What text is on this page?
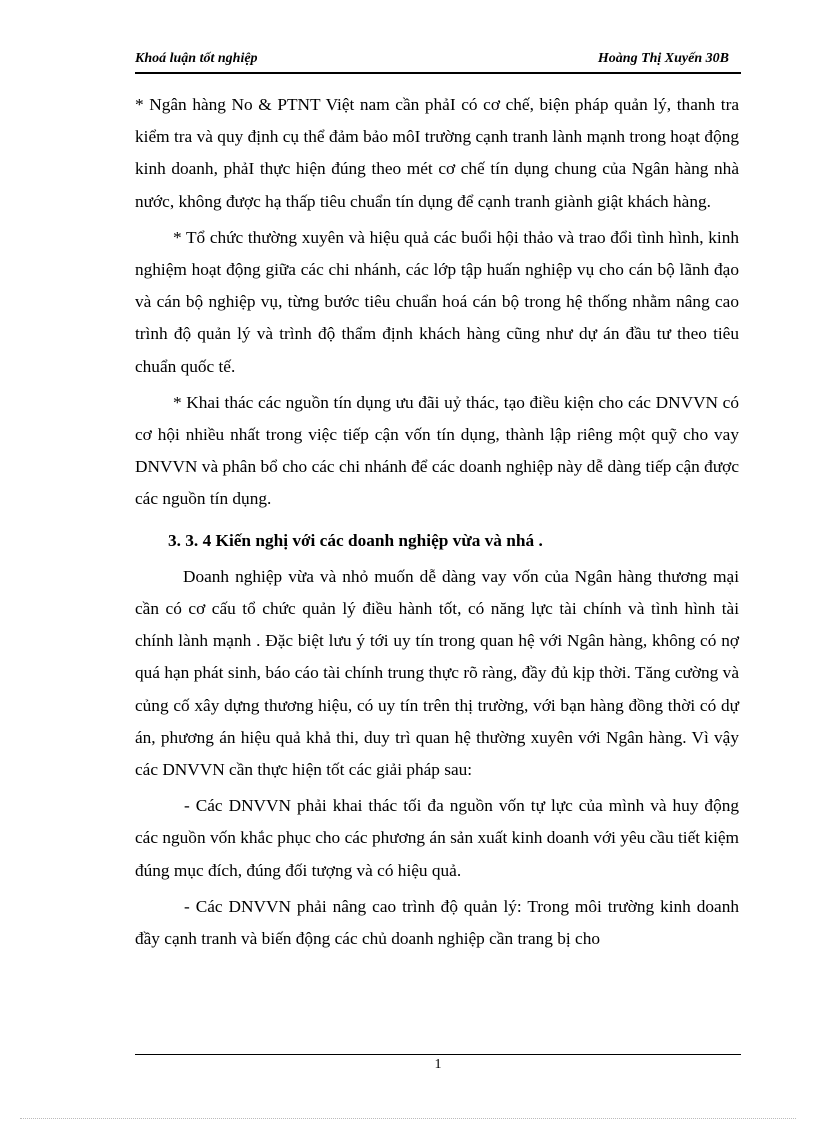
Khoá luận tốt nghiệp	Hoàng Thị Xuyến 30B

* Ngân hàng No & PTNT Việt nam cần phảI có cơ chế, biện pháp quản lý, thanh tra kiểm tra và quy định cụ thể đảm bảo môI trường cạnh tranh lành mạnh trong hoạt động kinh doanh, phảI thực hiện đúng theo mét cơ chế tín dụng chung của Ngân hàng nhà nước, không được hạ thấp tiêu chuẩn tín dụng để cạnh tranh giành giật khách hàng.

* Tổ chức thường xuyên và hiệu quả các buổi hội thảo và trao đổi tình hình, kinh nghiệm hoạt động giữa các chi nhánh, các lớp tập huấn nghiệp vụ cho cán bộ lãnh đạo và cán bộ nghiệp vụ, từng bước tiêu chuẩn hoá cán bộ trong hệ thống nhằm nâng cao trình độ quản lý và trình độ thẩm định khách hàng cũng như dự án đầu tư theo tiêu chuẩn quốc tế.

* Khai thác các nguồn tín dụng ưu đãi uỷ thác, tạo điều kiện cho các DNVVN có cơ hội nhiều nhất trong việc tiếp cận vốn tín dụng, thành lập riêng một quỹ cho vay DNVVN và phân bổ cho các chi nhánh để các doanh nghiệp này dễ dàng tiếp cận được các nguồn tín dụng.

3. 3. 4 Kiến nghị với các doanh nghiệp vừa và nhá .

Doanh nghiệp vừa và nhỏ muốn dễ dàng vay vốn của Ngân hàng thương mại cần có cơ cấu tổ chức quản lý điều hành tốt, có năng lực tài chính và tình hình tài chính lành mạnh . Đặc biệt lưu ý tới uy tín trong quan hệ với Ngân hàng, không có nợ quá hạn phát sinh, báo cáo tài chính trung thực rõ ràng, đầy đủ kịp thời. Tăng cường và củng cố xây dựng thương hiệu, có uy tín trên thị trường, với bạn hàng đồng thời có dự án, phương án hiệu quả khả thi, duy trì quan hệ thường xuyên với Ngân hàng. Vì vậy các DNVVN cần thực hiện tốt các giải pháp sau:

- Các DNVVN phải khai thác tối đa nguồn vốn tự lực của mình và huy động các nguồn vốn khắc phục cho các phương án sản xuất kinh doanh với yêu cầu tiết kiệm đúng mục đích, đúng đối tượng và có hiệu quả.

- Các DNVVN phải nâng cao trình độ quản lý: Trong môi trường kinh doanh đầy cạnh tranh và biến động các chủ doanh nghiệp cần trang bị cho

1
